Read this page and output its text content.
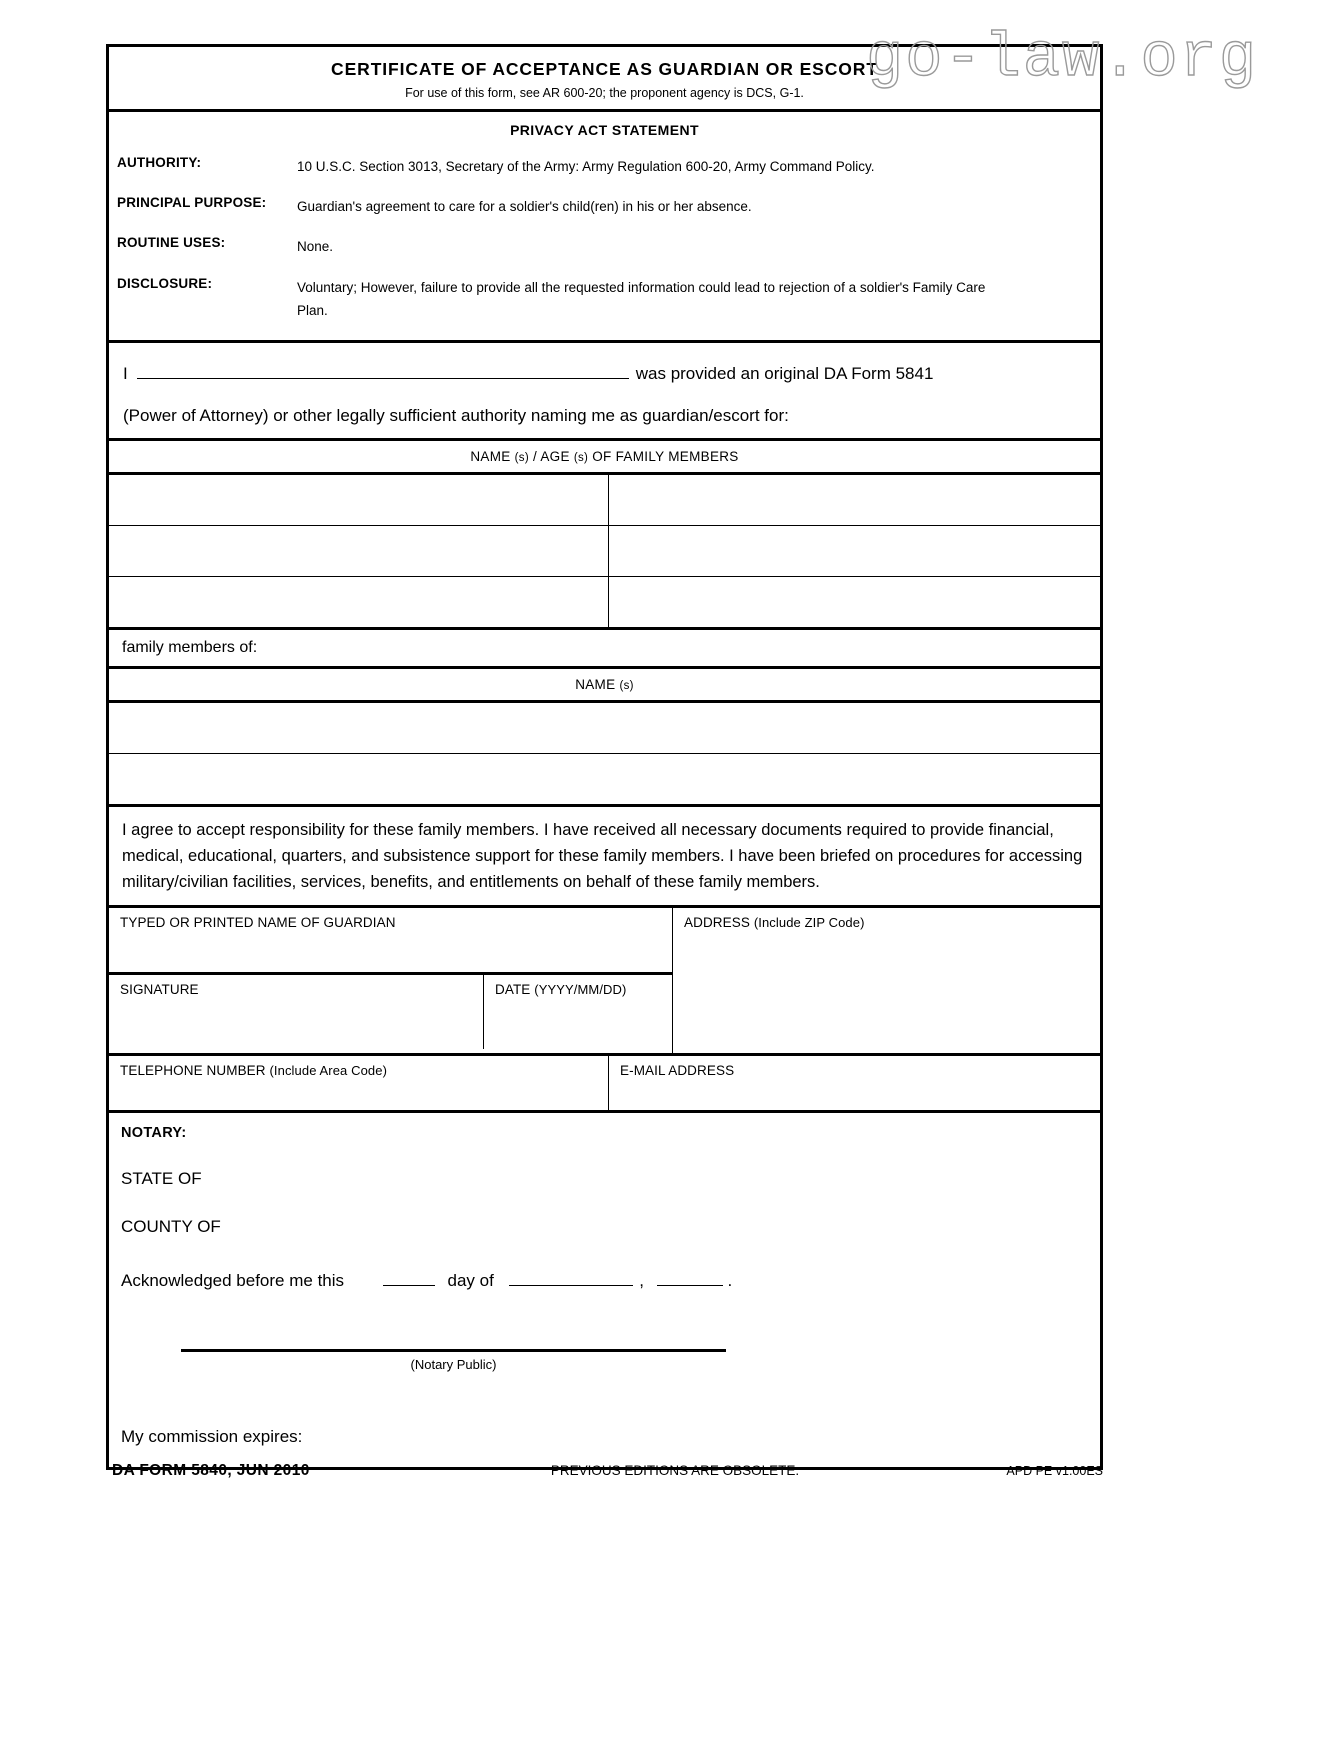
go-law.org
CERTIFICATE OF ACCEPTANCE AS GUARDIAN OR ESCORT
For use of this form, see AR 600-20; the proponent agency is DCS, G-1.
PRIVACY ACT STATEMENT
AUTHORITY:	10 U.S.C. Section 3013, Secretary of the Army: Army Regulation 600-20, Army Command Policy.
PRINCIPAL PURPOSE:	Guardian's agreement to care for a soldier's child(ren) in his or her absence.
ROUTINE USES:	None.
DISCLOSURE:	Voluntary; However, failure to provide all the requested information could lead to rejection of a soldier's Family Care Plan.
I	was provided an original DA Form 5841
(Power of Attorney) or other legally sufficient authority naming me as guardian/escort for:
NAME (s) / AGE (s) OF FAMILY MEMBERS
family members of:
NAME (s)
I agree to accept responsibility for these family members. I have received all necessary documents required to provide financial, medical, educational, quarters, and subsistence support for these family members. I have been briefed on procedures for accessing military/civilian facilities, services, benefits, and entitlements on behalf of these family members.
TYPED OR PRINTED NAME OF GUARDIAN
SIGNATURE	DATE (YYYY/MM/DD)
ADDRESS (Include ZIP Code)
TELEPHONE NUMBER (Include Area Code)	E-MAIL ADDRESS
NOTARY:
STATE OF
COUNTY OF
Acknowledged before me this	day of	,	.
(Notary Public)
My commission expires:
DA FORM 5840, JUN 2010	PREVIOUS EDITIONS ARE OBSOLETE.	APD PE v1.00ES
